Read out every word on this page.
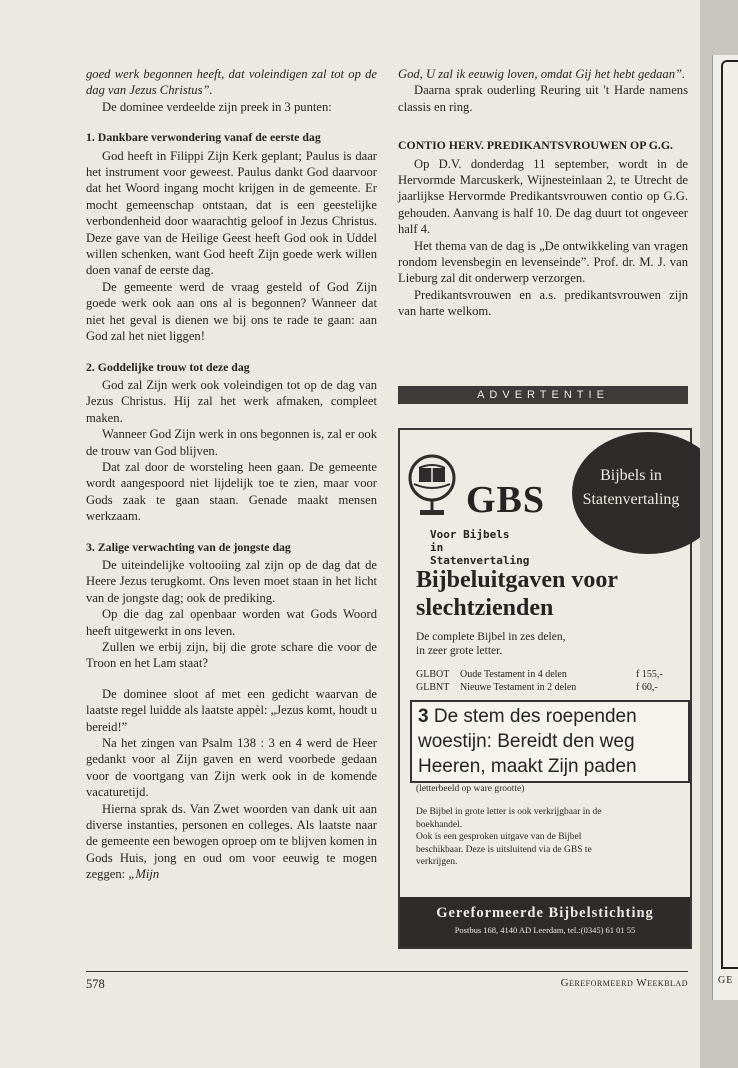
goed werk begonnen heeft, dat voleindigen zal tot op de dag van Jezus Christus”.

De dominee verdeelde zijn preek in 3 punten:

1. Dankbare verwondering vanaf de eerste dag

God heeft in Filippi Zijn Kerk geplant; Paulus is daar het instrument voor geweest. Paulus dankt God daarvoor dat het Woord ingang mocht krijgen in de gemeente. Er mocht gemeenschap ontstaan, dat is een geestelijke verbondenheid door waarachtig geloof in Jezus Christus. Deze gave van de Heilige Geest heeft God ook in Uddel willen schenken, want God heeft Zijn goede werk willen doen vanaf de eerste dag.

De gemeente werd de vraag gesteld of God Zijn goede werk ook aan ons al is begonnen? Wanneer dat niet het geval is dienen we bij ons te rade te gaan: aan God zal het niet liggen!

2. Goddelijke trouw tot deze dag

God zal Zijn werk ook voleindigen tot op de dag van Jezus Christus. Hij zal het werk afmaken, compleet maken.

Wanneer God Zijn werk in ons begonnen is, zal er ook de trouw van God blijven.

Dat zal door de worsteling heen gaan. De gemeente wordt aangespoord niet lijdelijk toe te zien, maar voor Gods zaak te gaan staan. Genade maakt mensen werkzaam.

3. Zalige verwachting van de jongste dag

De uiteindelijke voltooiing zal zijn op de dag dat de Heere Jezus terugkomt. Ons leven moet staan in het licht van de jongste dag; ook de prediking.

Op die dag zal openbaar worden wat Gods Woord heeft uitgewerkt in ons leven.

Zullen we erbij zijn, bij die grote schare die voor de Troon en het Lam staat?

De dominee sloot af met een gedicht waarvan de laatste regel luidde als laatste appèl: „Jezus komt, houdt u bereid!”

Na het zingen van Psalm 138 : 3 en 4 werd de Heer gedankt voor al Zijn gaven en werd voorbede gedaan voor de voortgang van Zijn werk ook in de komende vacaturetijd.

Hierna sprak ds. Van Zwet woorden van dank uit aan diverse instanties, personen en colleges. Als laatste naar de gemeente een bewogen oproep om te blijven komen in Gods Huis, jong en oud om voor eeuwig te mogen zeggen: „Mijn

God, U zal ik eeuwig loven, omdat Gij het hebt gedaan”.

Daarna sprak ouderling Reuring uit 't Harde namens classis en ring.

CONTIO HERV. PREDIKANTSVROUWEN OP G.G.

Op D.V. donderdag 11 september, wordt in de Hervormde Marcuskerk, Wijnesteinlaan 2, te Utrecht de jaarlijkse Hervormde Predikantsvrouwen contio op G.G. gehouden. Aanvang is half 10. De dag duurt tot ongeveer half 4.

Het thema van de dag is „De ontwikkeling van vragen rondom levensbegin en levenseinde”. Prof. dr. M. J. van Lieburg zal dit onderwerp verzorgen.

Predikantsvrouwen en a.s. predikantsvrouwen zijn van harte welkom.

ADVERTENTIE
Bijbels in Statenvertaling
GBS
Voor Bijbels
in
Statenvertaling
Bijbeluitgaven voor slechtzienden
De complete Bijbel in zes delen,
in zeer grote letter.
GLBOT	Oude Testament in 4 delen	f 155,-
GLBNT	Nieuwe Testament in 2 delen	f 60,-
3 De stem des roependen woestijn: Bereidt den weg Heeren, maakt Zijn paden
(letterbeeld op ware grootte)
De Bijbel in grote letter is ook verkrijgbaar in de boekhandel.
Ook is een gesproken uitgave van de Bijbel beschikbaar. Deze is uitsluitend via de GBS te verkrijgen.
Gereformeerde Bijbelstichting
Postbus 168, 4140 AD Leerdam, tel.:(0345) 61 01 55
578	Gereformeerd Weekblad	GE
